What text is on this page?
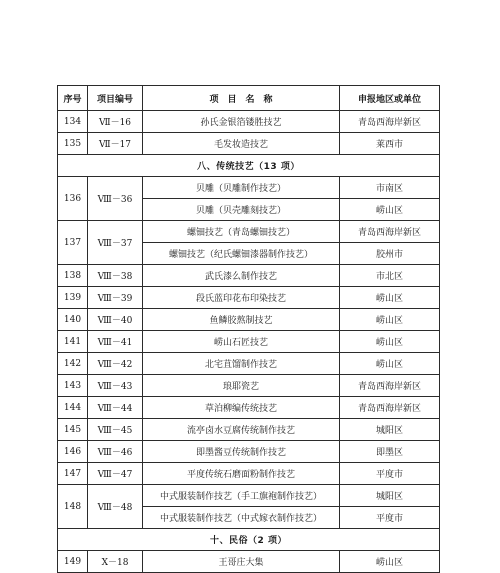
序号	项目编号	项　目　名　称	申报地区或单位
134	Ⅶ－16	孙氏金银箔镂胜技艺	青岛西海岸新区
135	Ⅶ－17	毛发妆造技艺	莱西市
八、传统技艺（13 项）			
136	Ⅷ－36	贝雕（贝雕制作技艺）	市南区
		贝雕（贝壳雕刻技艺）	崂山区
137	Ⅷ－37	螺钿技艺（青岛螺钿技艺）	青岛西海岸新区
		螺钿技艺（纪氏螺钿漆器制作技艺）	胶州市
138	Ⅷ－38	武氏漆么制作技艺	市北区
139	Ⅷ－39	段氏蓝印花布印染技艺	崂山区
140	Ⅷ－40	鱼鳞胶熬制技艺	崂山区
141	Ⅷ－41	崂山石匠技艺	崂山区
142	Ⅷ－42	北宅苴馏制作技艺	崂山区
143	Ⅷ－43	琅耶瓷艺	青岛西海岸新区
144	Ⅷ－44	草泊柳编传统技艺	青岛西海岸新区
145	Ⅷ－45	流亭卤水豆腐传统制作技艺	城阳区
146	Ⅷ－46	即墨酱豆传统制作技艺	即墨区
147	Ⅷ－47	平度传统石磨面粉制作技艺	平度市
148	Ⅷ－48	中式服装制作技艺（手工旗袍制作技艺）	城阳区
		中式服装制作技艺（中式嫁衣制作技艺）	平度市
十、民俗（2 项）			
149	Ⅹ－18	王哥庄大集	崂山区
